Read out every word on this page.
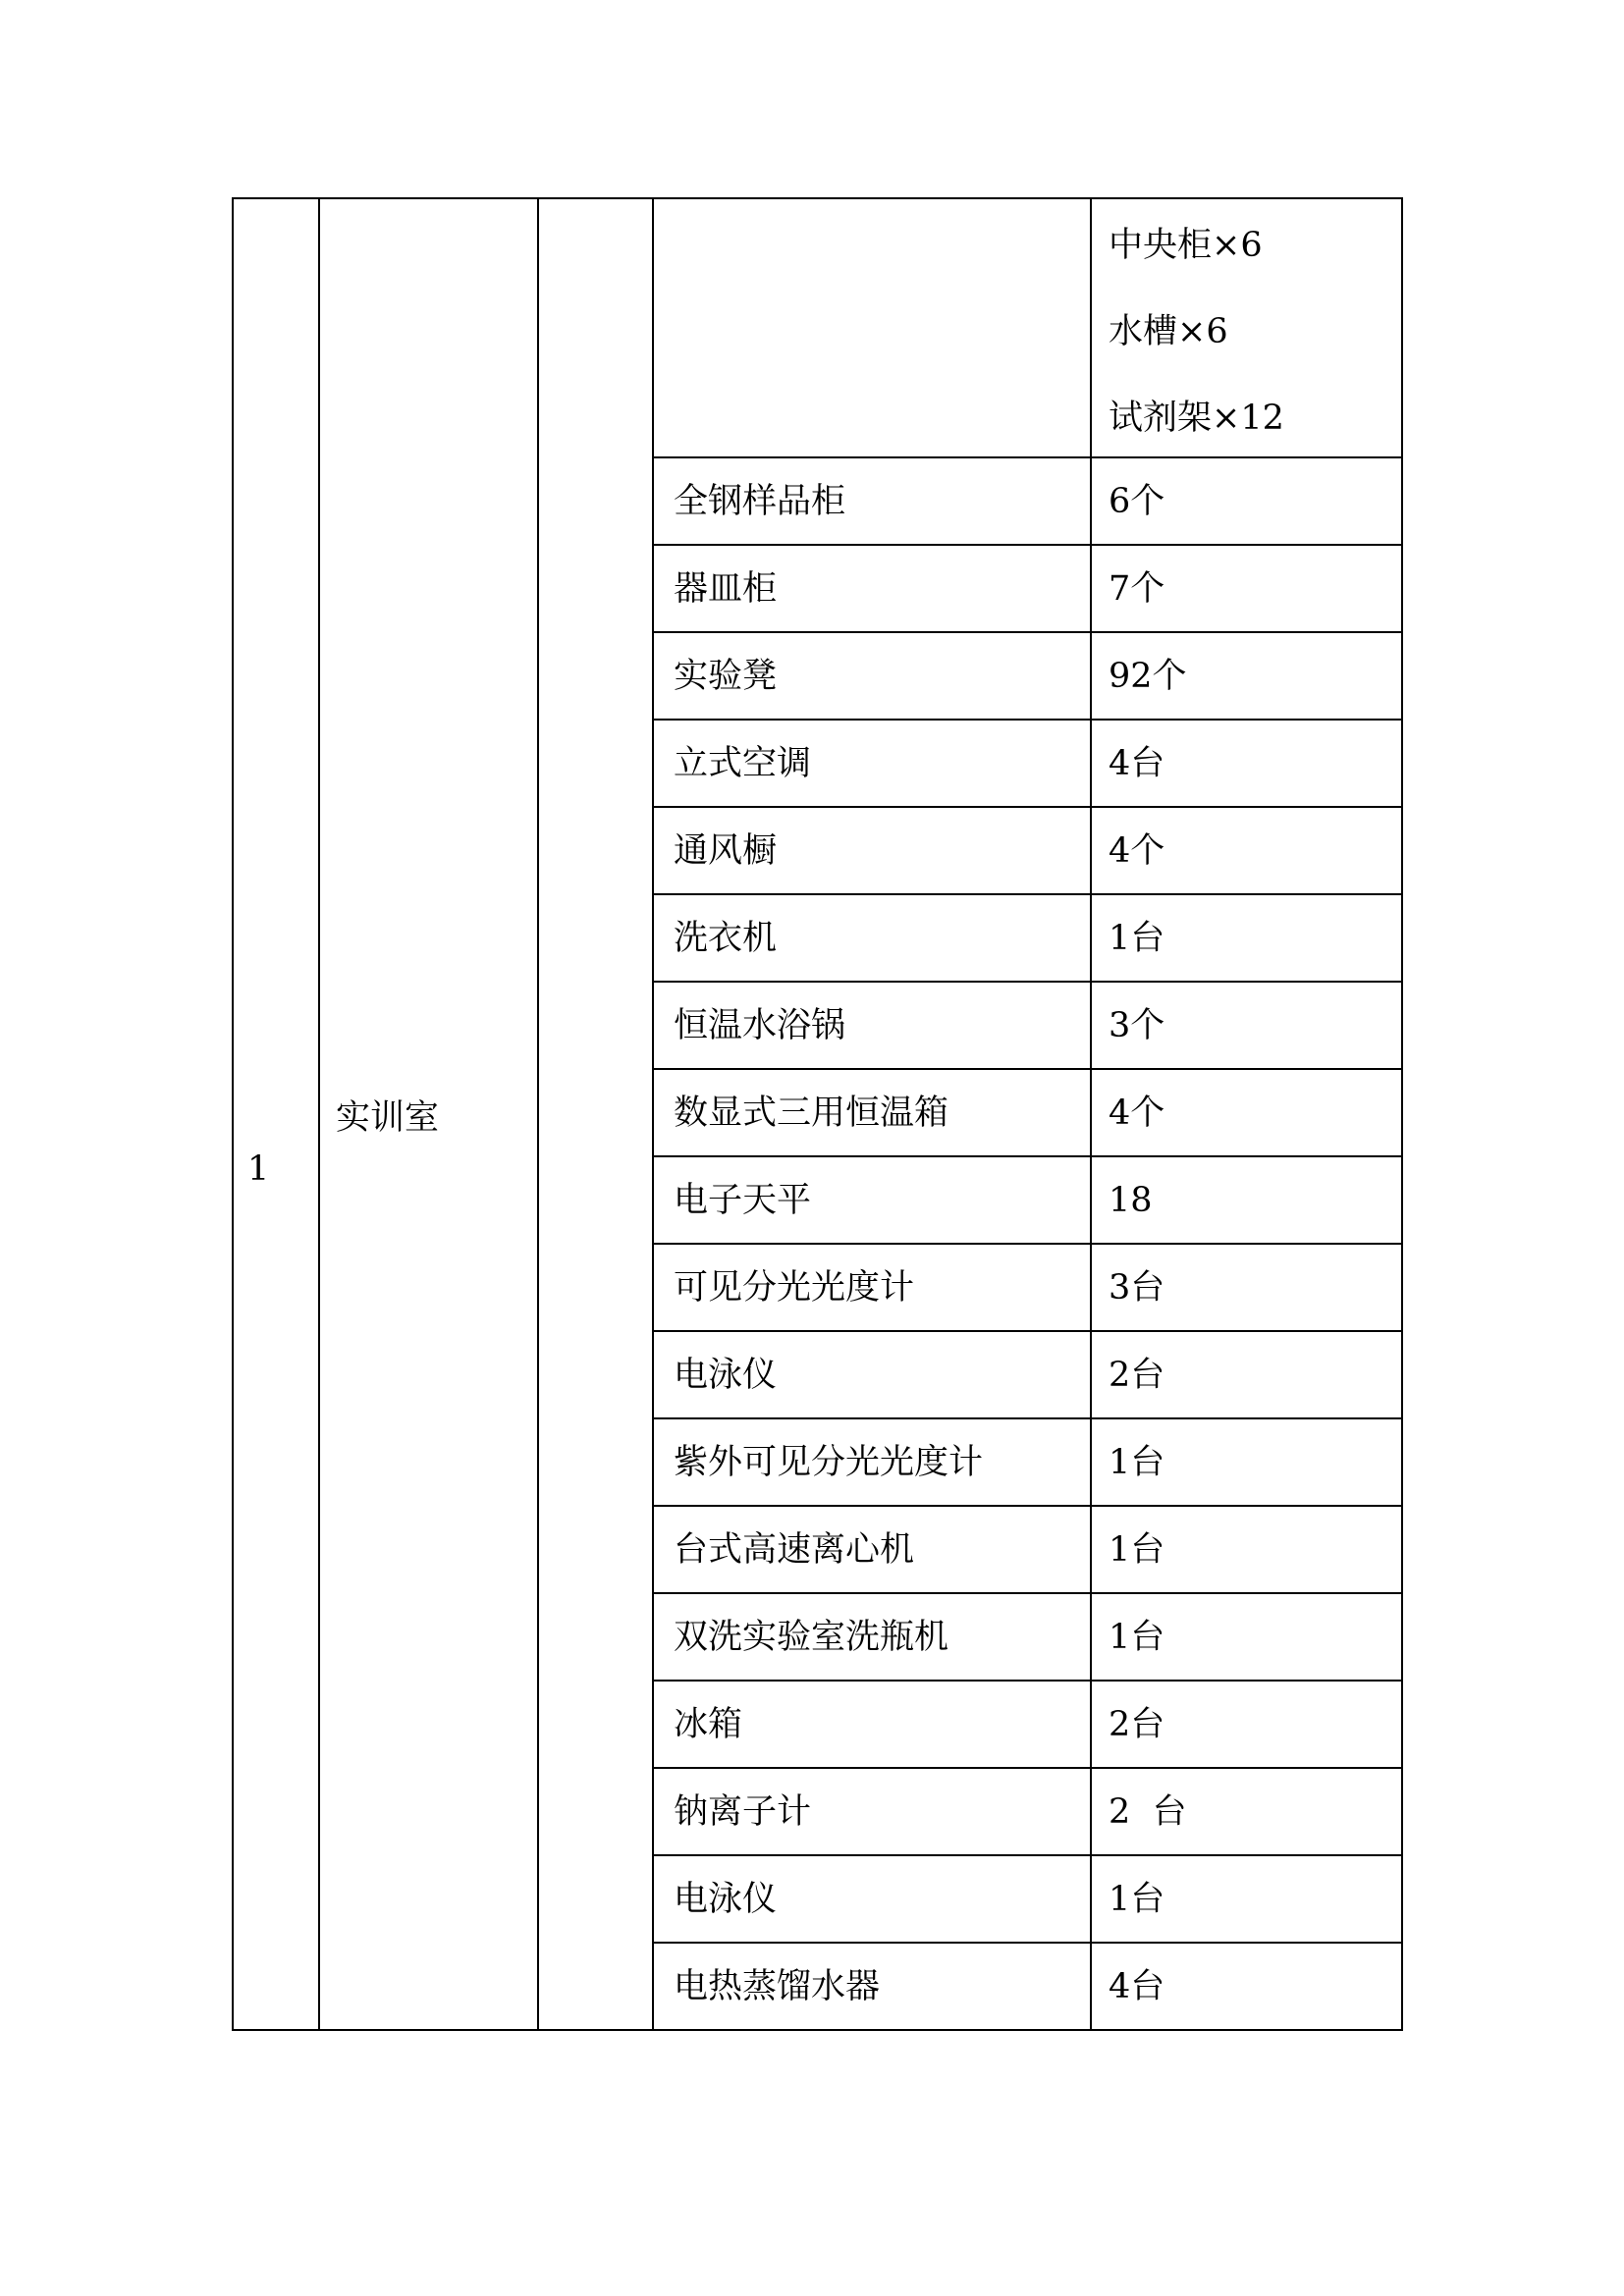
1	实训室			中央柜×6
水槽×6
试剂架×12

			全钢样品柜	6个
			器皿柜	7个
			实验凳	92个
			立式空调	4台
			通风橱	4个
			洗衣机	1台
			恒温水浴锅	3个
			数显式三用恒温箱	4个
			电子天平	18
			可见分光光度计	3台
			电泳仪	2台
			紫外可见分光光度计	1台
			台式高速离心机	1台
			双洗实验室洗瓶机	1台
			冰箱	2台
			钠离子计	2  台
			电泳仪	1台
			电热蒸馏水器	4台
